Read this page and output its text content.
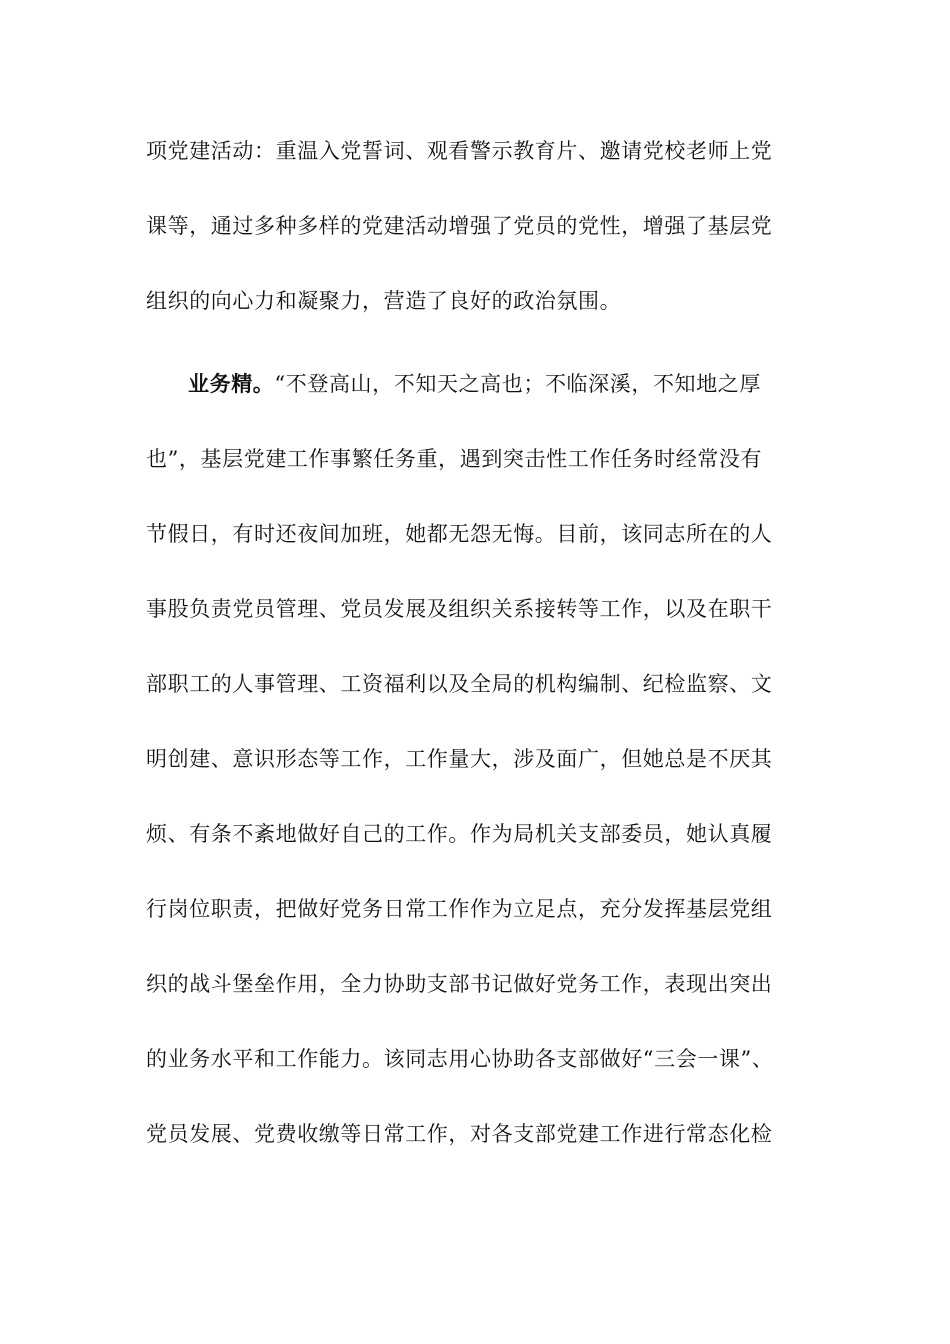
项党建活动：重温入党誓词、观看警示教育片、邀请党校老师上党
课等，通过多种多样的党建活动增强了党员的党性，增强了基层党
组织的向心力和凝聚力，营造了良好的政治氛围。
业务精。“不登高山，不知天之高也；不临深溪，不知地之厚
也”，基层党建工作事繁任务重，遇到突击性工作任务时经常没有
节假日，有时还夜间加班，她都无怨无悔。目前，该同志所在的人
事股负责党员管理、党员发展及组织关系接转等工作，以及在职干
部职工的人事管理、工资福利以及全局的机构编制、纪检监察、文
明创建、意识形态等工作，工作量大，涉及面广，但她总是不厌其
烦、有条不紊地做好自己的工作。作为局机关支部委员，她认真履
行岗位职责，把做好党务日常工作作为立足点，充分发挥基层党组
织的战斗堡垒作用，全力协助支部书记做好党务工作，表现出突出
的业务水平和工作能力。该同志用心协助各支部做好“三会一课”、
党员发展、党费收缴等日常工作，对各支部党建工作进行常态化检
